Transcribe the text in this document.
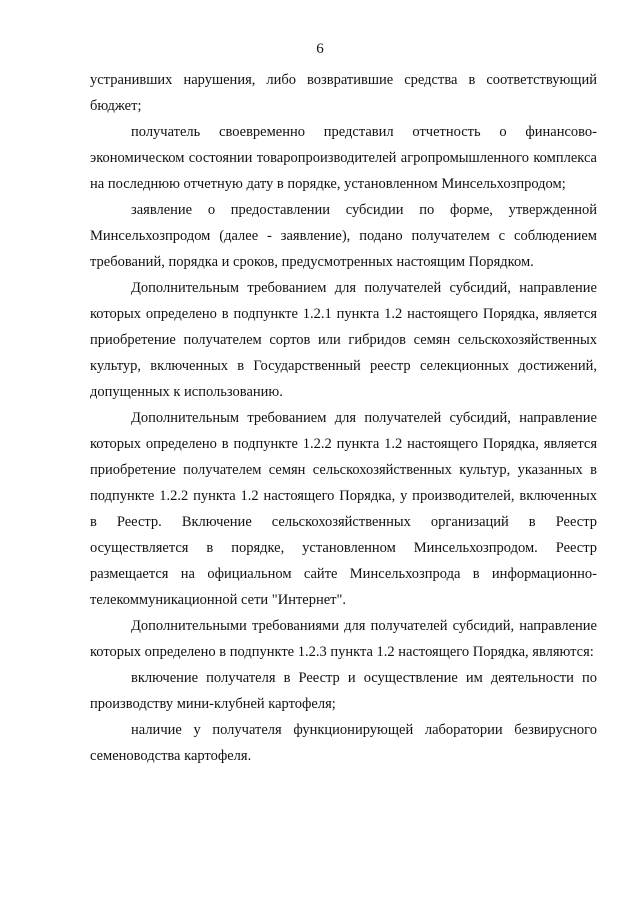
6

устранивших нарушения, либо возвратившие средства в соответствующий бюджет;

получатель своевременно представил отчетность о финансово-экономическом состоянии товаропроизводителей агропромышленного комплекса на последнюю отчетную дату в порядке, установленном Минсельхозпродом;

заявление о предоставлении субсидии по форме, утвержденной Минсельхозпродом (далее - заявление), подано получателем с соблюдением требований, порядка и сроков, предусмотренных настоящим Порядком.

Дополнительным требованием для получателей субсидий, направление которых определено в подпункте 1.2.1 пункта 1.2 настоящего Порядка, является приобретение получателем сортов или гибридов семян сельскохозяйственных культур, включенных в Государственный реестр селекционных достижений, допущенных к использованию.

Дополнительным требованием для получателей субсидий, направление которых определено в подпункте 1.2.2 пункта 1.2 настоящего Порядка, является приобретение получателем семян сельскохозяйственных культур, указанных в подпункте 1.2.2 пункта 1.2 настоящего Порядка, у производителей, включенных в Реестр. Включение сельскохозяйственных организаций в Реестр осуществляется в порядке, установленном Минсельхозпродом. Реестр размещается на официальном сайте Минсельхозпрода в информационно-телекоммуникационной сети "Интернет".

Дополнительными требованиями для получателей субсидий, направление которых определено в подпункте 1.2.3 пункта 1.2 настоящего Порядка, являются:

включение получателя в Реестр и осуществление им деятельности по производству мини-клубней картофеля;

наличие у получателя функционирующей лаборатории безвирусного семеноводства картофеля.
